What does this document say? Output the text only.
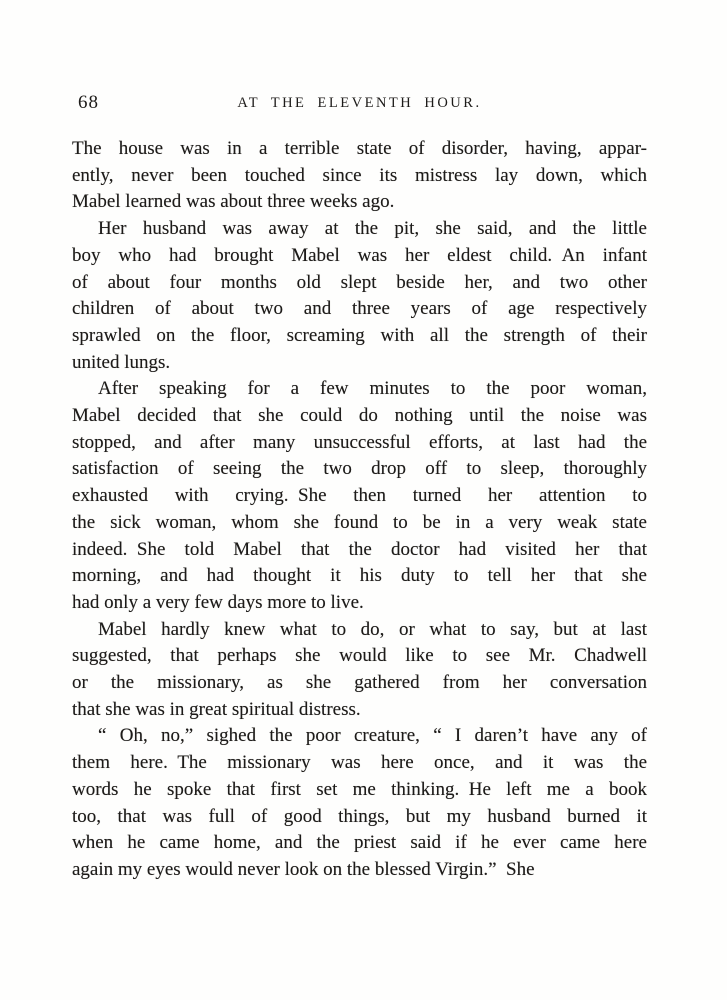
68	AT THE ELEVENTH HOUR.
The house was in a terrible state of disorder, having, appar-
ently, never been touched since its mistress lay down, which
Mabel learned was about three weeks ago.
Her husband was away at the pit, she said, and the little
boy who had brought Mabel was her eldest child. An infant
of about four months old slept beside her, and two other
children of about two and three years of age respectively
sprawled on the floor, screaming with all the strength of their
united lungs.
After speaking for a few minutes to the poor woman,
Mabel decided that she could do nothing until the noise was
stopped, and after many unsuccessful efforts, at last had the
satisfaction of seeing the two drop off to sleep, thoroughly
exhausted with crying. She then turned her attention to
the sick woman, whom she found to be in a very weak state
indeed. She told Mabel that the doctor had visited her that
morning, and had thought it his duty to tell her that she
had only a very few days more to live.
Mabel hardly knew what to do, or what to say, but at last
suggested, that perhaps she would like to see Mr. Chadwell
or the missionary, as she gathered from her conversation
that she was in great spiritual distress.
“ Oh, no,” sighed the poor creature, “ I daren’t have any of
them here. The missionary was here once, and it was the
words he spoke that first set me thinking. He left me a book
too, that was full of good things, but my husband burned it
when he came home, and the priest said if he ever came here
again my eyes would never look on the blessed Virgin.” She
